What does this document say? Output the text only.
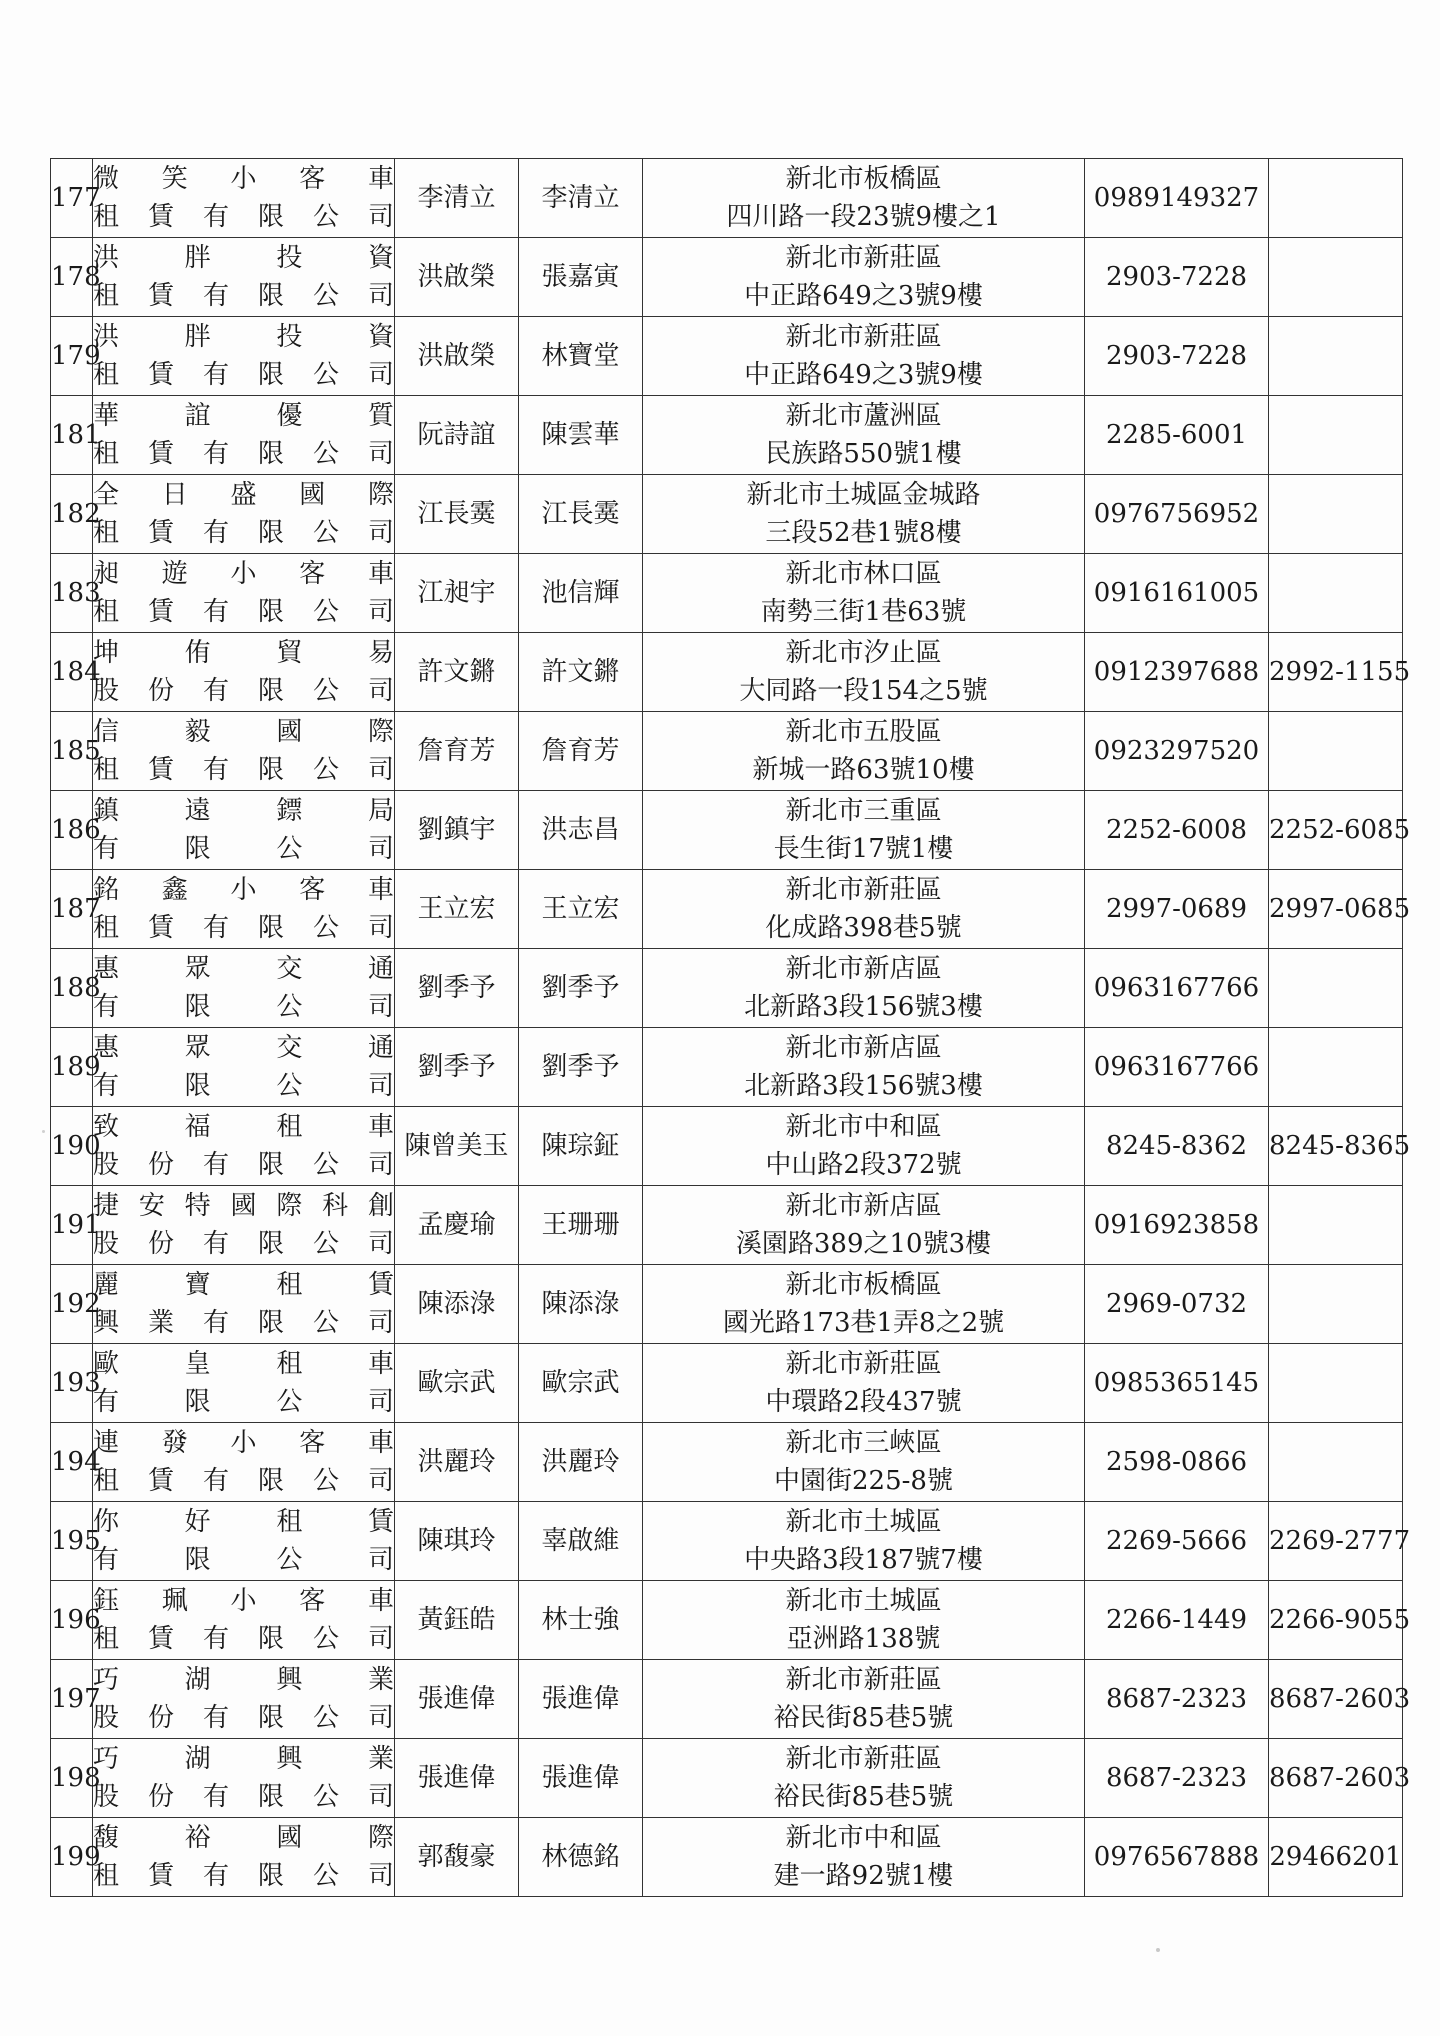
177	微笑小客車
租賃有限公司	李清立	李清立	新北市板橋區
四川路一段23號9樓之1	0989149327	
178	洪胖投資
租賃有限公司	洪啟榮	張嘉寅	新北市新莊區
中正路649之3號9樓	2903-7228	
179	洪胖投資
租賃有限公司	洪啟榮	林寶堂	新北市新莊區
中正路649之3號9樓	2903-7228	
181	華誼優質
租賃有限公司	阮詩誼	陳雲華	新北市蘆洲區
民族路550號1樓	2285-6001	
182	全日盛國際
租賃有限公司	江長霙	江長霙	新北市土城區金城路
三段52巷1號8樓	0976756952	
183	昶遊小客車
租賃有限公司	江昶宇	池信輝	新北市林口區
南勢三街1巷63號	0916161005	
184	坤侑貿易
股份有限公司	許文鏘	許文鏘	新北市汐止區
大同路一段154之5號	0912397688	2992-1155
185	信毅國際
租賃有限公司	詹育芳	詹育芳	新北市五股區
新城一路63號10樓	0923297520	
186	鎮遠鏢局
有限公司	劉鎮宇	洪志昌	新北市三重區
長生街17號1樓	2252-6008	2252-6085
187	銘鑫小客車
租賃有限公司	王立宏	王立宏	新北市新莊區
化成路398巷5號	2997-0689	2997-0685
188	惠眾交通
有限公司	劉季予	劉季予	新北市新店區
北新路3段156號3樓	0963167766	
189	惠眾交通
有限公司	劉季予	劉季予	新北市新店區
北新路3段156號3樓	0963167766	
190	致福租車
股份有限公司	陳曾美玉	陳琮鉦	新北市中和區
中山路2段372號	8245-8362	8245-8365
191	捷安特國際科創
股份有限公司	孟慶瑜	王珊珊	新北市新店區
溪園路389之10號3樓	0916923858	
192	麗寶租賃
興業有限公司	陳添淥	陳添淥	新北市板橋區
國光路173巷1弄8之2號	2969-0732	
193	歐皇租車
有限公司	歐宗武	歐宗武	新北市新莊區
中環路2段437號	0985365145	
194	連發小客車
租賃有限公司	洪麗玲	洪麗玲	新北市三峽區
中園街225-8號	2598-0866	
195	你好租賃
有限公司	陳琪玲	辜啟維	新北市土城區
中央路3段187號7樓	2269-5666	2269-2777
196	鈺珮小客車
租賃有限公司	黃鈺皓	林士強	新北市土城區
亞洲路138號	2266-1449	2266-9055
197	巧湖興業
股份有限公司	張進偉	張進偉	新北市新莊區
裕民街85巷5號	8687-2323	8687-2603
198	巧湖興業
股份有限公司	張進偉	張進偉	新北市新莊區
裕民街85巷5號	8687-2323	8687-2603
199	馥裕國際
租賃有限公司	郭馥豪	林德銘	新北市中和區
建一路92號1樓	0976567888	29466201
